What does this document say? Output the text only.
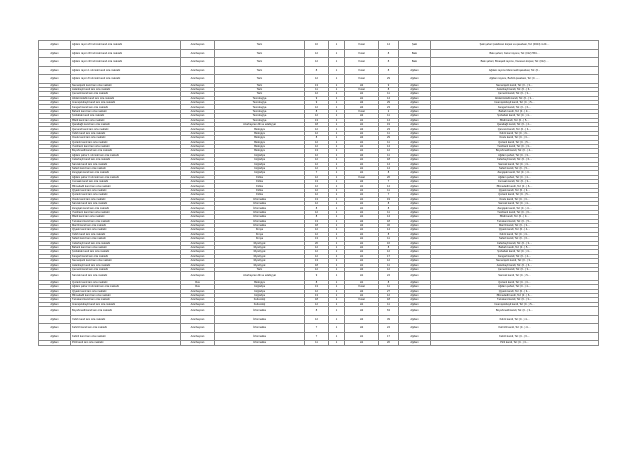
Ağdam	Ağdam rayon 2N nömrəli kənd orta məktəbi	Azərbaycan	Tarix	10	1	Yuxarı	14	Şəki	Şəki şəhər Çələbixan küçəsi və qəsəbəsi, Tel: (0024) 4-23-...
Ağdam	Ağdam rayon 3N nömrəli kənd orta məktəbi	Azərbaycan	Tarix	12	1	Yuxarı	8	Bakı	Bakı şəhəri, Xəzər rayonu, Tel: (012) 553-...
Ağdam	Ağdam rayon 4N nömrəli kənd orta məktəbi	Azərbaycan	Tarix	12	1	Yuxarı	8	Bakı	Bakı şəhəri, Binəqədi rayonu, Xocəsən küçəsi, Tel: (012) ...
Ağdam	Ağdam rayon 1 nömrəli kənd orta məktəbi	Azərbaycan	Tarix	8	1	Yuxarı	8	Ağdam	Ağdam rayonu Məmmədli qəsəbəsi, Tel: (0...
Ağdam	Ağdam rayon 8 nömrəli kənd orta məktəbi	Azərbaycan	Tarix	12	1	Yuxarı	29	Ağdam	Ağdam rayonu, Bəhrili qəsəbəsi, Tel: (0...-...
Ağdam	Nəmərqazlı kənd tam orta məktəbi	Azərbaycan	Tarix	13	1	H2	9	Ağdam	Nəmərqazlı kəndi, Tel: (0...) 3-...
Ağdam	Aslanbəyli kənd tam orta məktəbi	Azərbaycan	Tarix	11	1	Yuxarı	8	Ağdam	Aslanbəyli kəndi, Tel: (0...) 6-...
Ağdam	Çəmənli kənd tam orta məktəbi	Azərbaycan	Tarix	12	1	H1	11	Ağdam	Çəmənli kəndi, Tel: (0...) 3-...
Ağdam	Abdal-Gülablı kənd tam orta məktəbi	Azərbaycan	Texnologiya	9	1	H1	14	Ağdam	Abdal-Gülablı kəndi, Tel: (0...) 3-...
Ağdam	İmamqulubəyli kənd tam orta məktəbi	Azərbaycan	Texnologiya	9	1	H2	29	Ağdam	İmamqulubəyli kəndi, Tel: (0...) 5-...
Ağdam	Kəngərli kənd tam orta məktəbi	Azərbaycan	Texnologiya	12	1	H2	23	Ağdam	Kəngərli kəndi, Tel: (0...) 6-...
Ağdam	Baharlı kənd tam orta məktəbi	Azərbaycan	Texnologiya	8	1	Yuxarı	2	Ağdam	Baharlı kəndi, Tel: (0...) 3-...
Ağdam	Şıxbabalı kənd orta məktəbi	Azərbaycan	Texnologiya	12	1	H2	11	Ağdam	Şıxbabalı kəndi, Tel: (0...) 4-...
Ağdam	Əfətli kənd tam orta məktəbi	Azərbaycan	Texnologiya	13	1	H1	14	Ağdam	Əfətli kəndi, Tel: (0...) 5-...
Ağdam	Qaradağlı kənd tam orta məktəbi	Azərbaycan	Azərbaycan dili və ədəbiyyat	18	1	H1	19	Ağdam	Qaradağlı kəndi, Tel: (0...) 4-...
Ağdam	Qərvənd kənd tam orta məktəbi	Azərbaycan	Biologiya	12	1	H2	23	Ağdam	Qərvənd kəndi, Tel: (0...) 3-...
Ağdam	Xıdırlı kənd tam orta məktəbi	Azərbaycan	Biologiya	12	1	H1	11	Ağdam	Xıdırlı kəndi, Tel: (0...) 6-...
Ağdam	Ooulu kənd tam orta məktəbi	Azərbaycan	Biologiya	8	1	H2	29	Ağdam	Ooulu kəndi, Tel: (0...) 3-...
Ağdam	Quzanlı kənd tam orta məktəbi	Azərbaycan	Biologiya	12	1	H1	11	Ağdam	Quzanlı kəndi, Tel: (0...) 5-...
Ağdam	Yusifcanlı kənd tam orta məktəbi	Azərbaycan	Biologiya	12	1	H1	14	Ağdam	Yusifcanlı kəndi, Tel: (0...) 3-...
Ağdam	Boyəhmədli kənd tam orta məktəbi	Azərbaycan	Biologiya	13	1	H1	12	Ağdam	Boyəhmədli kəndi, Tel: (0...) 4-...
Ağdam	Ağdam şəhər 1 nömrəli tam orta məktəbi	Azərbaycan	Coğrafiya	12	1	H2	11	Ağdam	Ağdam şəhəri, Tel: (0...) 3-...
Ağdam	Cəfərbəyli kənd tam orta məktəbi	Azərbaycan	Coğrafiya	12	1	H1	18	Ağdam	Cəfərbəyli kəndi, Tel: (0...) 6-...
Ağdam	Sarıcalı kənd tam orta məktəbi	Azərbaycan	Coğrafiya	12	1	H1	14	Ağdam	Sarıcalı kəndi, Tel: (0...) 3-...
Ağdam	Səfərli kənd tam orta məktəbi	Azərbaycan	Coğrafiya	12	1	H1	14	Ağdam	Səfərli kəndi, Tel: (0...) 5-...
Ağdam	Zəngişalı kənd tam orta məktəbi	Azərbaycan	Coğrafiya	7	1	H1	8	Ağdam	Zəngişalı kəndi, Tel: (0...) 3-...
Ağdam	Ağdam şəhər 3 nömrəli tam orta məktəbi	Azərbaycan	Fizika	12	1	Yuxarı	26	Ağdam	Ağdam şəhəri, Tel: (0...) 4-...
Ağdam	Cumaalı kənd tam orta məktəbi	Azərbaycan	Fizika	13	1	H2	7	Ağdam	Cumaalı kəndi, Tel: (0...) 3-...
Ağdam	Əlimədədli kənd tam orta məktəbi	Azərbaycan	Fizika	12	1	H1	14	Ağdam	Əlimədədli kəndi, Tel: (0...) 6-...
Ağdam	Qiyaslı kənd tam orta məktəbi	Azərbaycan	Fizika	12	1	H1	11	Ağdam	Qiyaslı kəndi, Tel: (0...) 3-...
Ağdam	Quzanlı kənd tam orta məktəbi	Azərbaycan	Fizika	12	1	H1	7	Ağdam	Quzanlı kəndi, Tel: (0...) 5-...
Ağdam	Ooulu kənd tam orta məktəbi	Azərbaycan	İnformatika	13	1	H1	19	Ağdam	Ooulu kəndi, Tel: (0...) 3-...
Ağdam	Sarıcalı kənd tam orta məktəbi	Azərbaycan	İnformatika	12	1	H1	8	Ağdam	Sarıcalı kəndi, Tel: (0...) 4-...
Ağdam	Zəngişalı kənd tam orta məktəbi	Azərbaycan	İnformatika	8	1	H1	8	Ağdam	Zəngişalı kəndi, Tel: (0...) 3-...
Ağdam	Yusifcanlı kənd tam orta məktəbi	Azərbaycan	İnformatika	12	1	H1	11	Ağdam	Yusifcanlı kəndi, Tel: (0...) 6-...
Ağdam	Əfətli kənd tam orta məktəbi	Azərbaycan	İnformatika	8	1	H1	14	Ağdam	Əfətli kəndi, Tel: (0...) 3-...
Ağdam	Təzəkənd kənd tam orta məktəbi	Azərbaycan	İnformatika	13	1	H2	18	Ağdam	Təzəkənd kəndi, Tel: (0...) 5-...
Ağdam	Marzili kənd tam orta məktəbi	Azərbaycan	İnformatika	18	1	H2	32	Ağdam	Marzili kəndi, Tel: (0...) 3-...
Ağdam	Qiyaslı kənd tam orta məktəbi	Azərbaycan	Kimya	12	1	H1	14	Ağdam	Qiyaslı kəndi, Tel: (0...) 4-...
Ağdam	Xıdırlı kənd tam orta məktəbi	Azərbaycan	Kimya	12	1	H1	8	Ağdam	Xıdırlı kəndi, Tel: (0...) 3-...
Ağdam	Səfərli kənd tam orta məktəbi	Azərbaycan	Kimya	13	1	H1	11	Ağdam	Səfərli kəndi, Tel: (0...) 6-...
Ağdam	Cəfərbəyli kənd tam orta məktəbi	Azərbaycan	Riyaziyyat	20	1	H1	16	Ağdam	Cəfərbəyli kəndi, Tel: (0...) 3-...
Ağdam	Baharlı kənd tam orta məktəbi	Azərbaycan	Riyaziyyat	12	1	H1	8	Ağdam	Baharlı kəndi, Tel: (0...) 5-...
Ağdam	Şıxbabalı kənd tam orta məktəbi	Azərbaycan	Riyaziyyat	12	1	H1	12	Ağdam	Şıxbabalı kəndi, Tel: (0...) 3-...
Ağdam	Kəngərli kənd tam orta məktəbi	Azərbaycan	Riyaziyyat	12	1	H1	17	Ağdam	Kəngərli kəndi, Tel: (0...) 4-...
Ağdam	Nəmərqazlı kənd tam orta məktəbi	Azərbaycan	Riyaziyyat	13	1	H1	12	Ağdam	Nəmərqazlı kəndi, Tel: (0...) 3-...
Ağdam	Aslanbəyli kənd tam orta məktəbi	Azərbaycan	Riyaziyyat	18	1	H1	11	Ağdam	Aslanbəyli kəndi, Tel: (0...) 6-...
Ağdam	Çəmənli kənd tam orta məktəbi	Azərbaycan	Tarix	12	1	H2	12	Ağdam	Çəmənli kəndi, Tel: (0...) 3-...
Ağdam	Sarıcalı kənd tam orta məktəbi	Azərbaycan	Azərbaycan dili və ədəbiyyat	9	1	H1	24	Ağdam	Sarıcalı kəndi, Tel: (0...) 5-...
Ağdam	Quzanlı kənd tam orta məktəbi	Rus	Biologiya	8	1	H1	8	Ağdam	Quzanlı kəndi, Tel: (0...) 3-...
Ağdam	Ağdam şəhər 4 nömrəli tam orta məktəbi	Rus	Coğrafiya	13	1	Yuxarı	11	Ağdam	Ağdam şəhəri, Tel: (0...) 4-...
Ağdam	Qiyaslı kənd tam orta məktəbi	Azərbaycan	Coğrafiya	12	1	H2	27	Ağdam	Qiyaslı kəndi, Tel: (0...) 3-...
Ağdam	Əlimədədli kənd tam orta məktəbi	Azərbaycan	Coğrafiya	13	1	H1	12	Ağdam	Əlimədədli kəndi, Tel: (0...) 6-...
Ağdam	Təzəkənd kənd tam orta məktəbi	Azərbaycan	Kulturoloji	18	1	Yuxarı	18	Ağdam	Təzəkənd kəndi, Tel: (0...) 3-...
Ağdam	İmamqulubəyli kənd tam orta məktəbi	Azərbaycan	Kulturoloji	12	1	H1	11	Ağdam	İmamqulubəyli kəndi, Tel: (0...) 5-...
Ağdam	Boyəhmədli kənd tam orta məktəbi	Azərbaycan	İnformatika	8	1	H2	63	Ağdam	Boyəhmədli kəndi, Tel: (0...) 3-...
Ağdam	Xıdırlı kənd tam orta məktəbi	Azərbaycan	İnformatika	12	1	H2	39	Ağdam	Xıdırlı kəndi, Tel: (0...) 4-...
Ağdam	Kəhrizli kənd tam orta məktəbi	Azərbaycan	İnformatika	7	1	H2	24	Ağdam	Kəhrizli kəndi, Tel: (0...) 3-...
Ağdam	Kəbirli kənd tam orta məktəbi	Azərbaycan	İnformatika	7	1	H1	17	Ağdam	Kəbirli kəndi, Tel: (0...) 6-...
Ağdam	Pirili kənd tam orta məktəbi	Azərbaycan	İnformatika	11	1	H1	20	Ağdam	Pirili kəndi, Tel: (0...) 3-...
